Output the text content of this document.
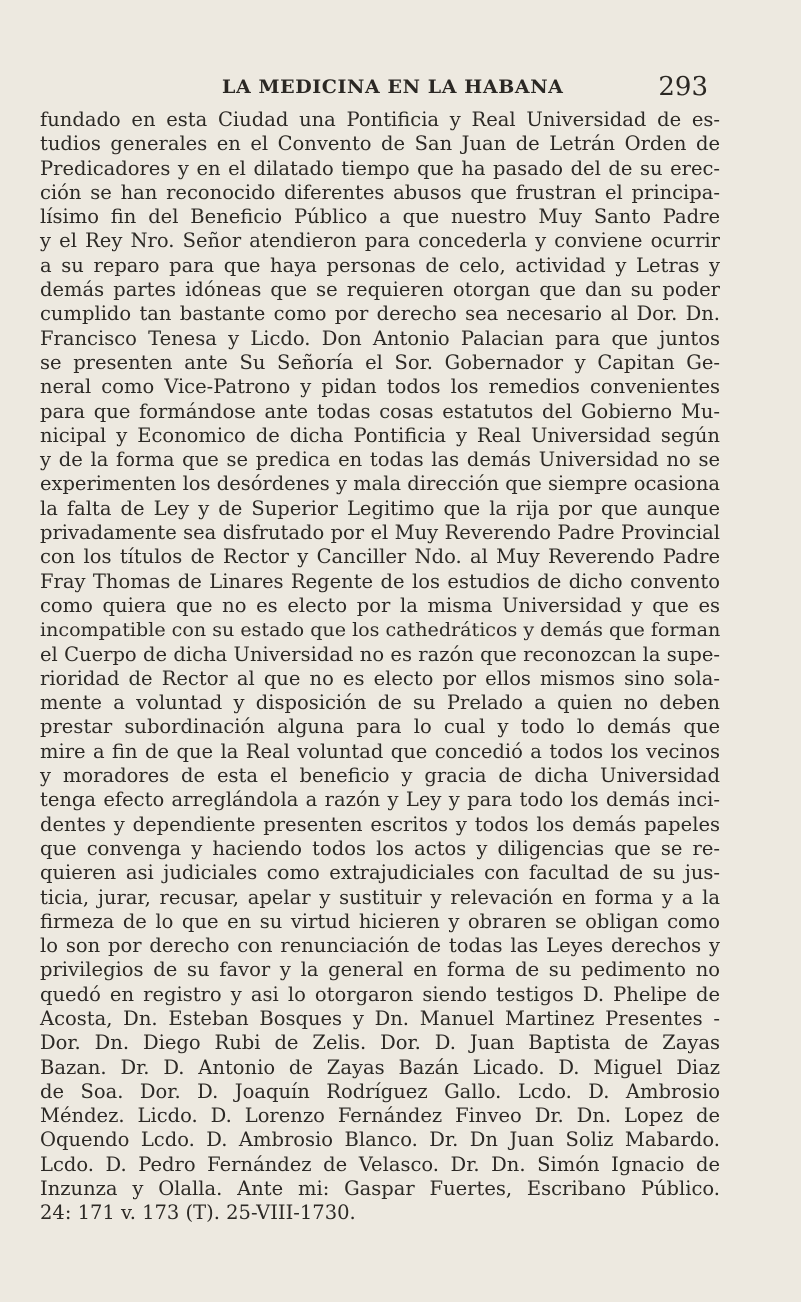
LA MEDICINA EN LA HABANA	293
fundado en esta Ciudad una Pontificia y Real Universidad de es-
tudios generales en el Convento de San Juan de Letrán Orden de
Predicadores y en el dilatado tiempo que ha pasado del de su erec-
ción se han reconocido diferentes abusos que frustran el principa-
lísimo fin del Beneficio Público a que nuestro Muy Santo Padre
y el Rey Nro. Señor atendieron para concederla y conviene ocurrir
a su reparo para que haya personas de celo, actividad y Letras y
demás partes idóneas que se requieren otorgan que dan su poder
cumplido tan bastante como por derecho sea necesario al Dor. Dn.
Francisco Tenesa y Licdo. Don Antonio Palacian para que juntos
se presenten ante Su Señoría el Sor. Gobernador y Capitan Ge-
neral como Vice-Patrono y pidan todos los remedios convenientes
para que formándose ante todas cosas estatutos del Gobierno Mu-
nicipal y Economico de dicha Pontificia y Real Universidad según
y de la forma que se predica en todas las demás Universidad no se
experimenten los desórdenes y mala dirección que siempre ocasiona
la falta de Ley y de Superior Legitimo que la rija por que aunque
privadamente sea disfrutado por el Muy Reverendo Padre Provincial
con los títulos de Rector y Canciller Ndo. al Muy Reverendo Padre
Fray Thomas de Linares Regente de los estudios de dicho convento
como quiera que no es electo por la misma Universidad y que es
incompatible con su estado que los cathedráticos y demás que forman
el Cuerpo de dicha Universidad no es razón que reconozcan la supe-
rioridad de Rector al que no es electo por ellos mismos sino sola-
mente a voluntad y disposición de su Prelado a quien no deben
prestar subordinación alguna para lo cual y todo lo demás que
mire a fin de que la Real voluntad que concedió a todos los vecinos
y moradores de esta el beneficio y gracia de dicha Universidad
tenga efecto arreglándola a razón y Ley y para todo los demás inci-
dentes y dependiente presenten escritos y todos los demás papeles
que convenga y haciendo todos los actos y diligencias que se re-
quieren asi judiciales como extrajudiciales con facultad de su jus-
ticia, jurar, recusar, apelar y sustituir y relevación en forma y a la
firmeza de lo que en su virtud hicieren y obraren se obligan como
lo son por derecho con renunciación de todas las Leyes derechos y
privilegios de su favor y la general en forma de su pedimento no
quedó en registro y asi lo otorgaron siendo testigos D. Phelipe de
Acosta, Dn. Esteban Bosques y Dn. Manuel Martinez Presentes -
Dor. Dn. Diego Rubi de Zelis. Dor. D. Juan Baptista de Zayas
Bazan. Dr. D. Antonio de Zayas Bazán Licado. D. Miguel Diaz
de Soa. Dor. D. Joaquín Rodríguez Gallo. Lcdo. D. Ambrosio
Méndez. Licdo. D. Lorenzo Fernández Finveo Dr. Dn. Lopez de
Oquendo Lcdo. D. Ambrosio Blanco. Dr. Dn Juan Soliz Mabardo.
Lcdo. D. Pedro Fernández de Velasco. Dr. Dn. Simón Ignacio de
Inzunza y Olalla. Ante mi: Gaspar Fuertes, Escribano Público.
24: 171 v. 173 (T). 25-VIII-1730.
